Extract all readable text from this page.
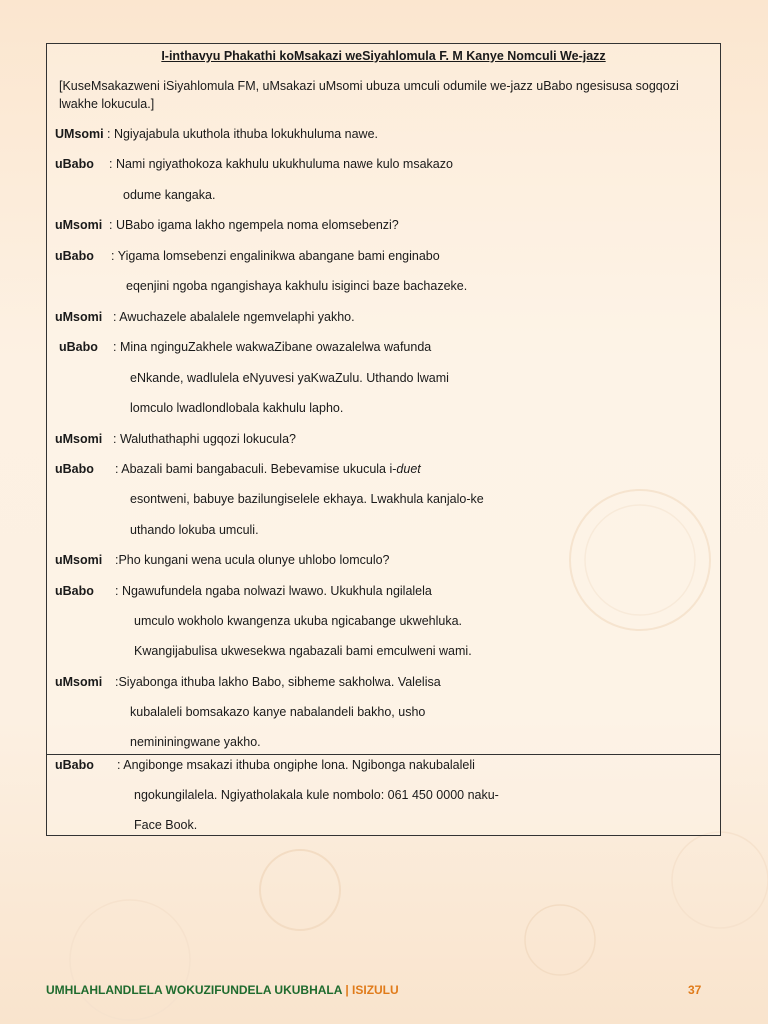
I-inthavyu Phakathi koMsakazi weSiyahlomula F. M Kanye Nomculi We-jazz
[KuseMsakazweni iSiyahlomula FM, uMsakazi uMsomi ubuza umculi odumile we-jazz uBabo ngesisusa sogqozi lwakhe lokucula.]
UMsomi : Ngiyajabula ukuthola ithuba lokukhuluma nawe.
uBabo : Nami ngiyathokoza kakhulu ukukhuluma nawe kulo msakazo
odume kangaka.
uMsomi : UBabo igama lakho ngempela noma elomsebenzi?
uBabo : Yigama lomsebenzi engalinikwa abangane bami enginabo
eqenjini ngoba ngangishaya kakhulu isiginci baze bachazeke.
uMsomi : Awuchazele abalalele ngemvelaphi yakho.
uBabo : Mina nginguZakhele wakwaZibane owazalelwa wafunda
eNkande, wadlulela eNyuvesi yaKwaZulu. Uthando lwami
lomculo lwadlondlobala kakhulu lapho.
uMsomi : Waluthathaphi ugqozi lokucula?
uBabo : Abazali bami bangabaculi. Bebevamise ukucula i-duet
esontweni, babuye bazilungiselele ekhaya. Lwakhula kanjalo-ke
uthando lokuba umculi.
uMsomi :Pho kungani wena ucula olunye uhlobo lomculo?
uBabo : Ngawufundela ngaba nolwazi lwawo. Ukukhula ngilalela
umculo wokholo kwangenza ukuba ngicabange ukwehluka.
Kwangijabulisa ukwesekwa ngabazali bami emculweni wami.
uMsomi :Siyabonga ithuba lakho Babo, sibheme sakholwa. Valelisa
kubalaleli bomsakazo kanye nabalandeli bakho, usho
nemininingwane yakho.
uBabo : Angibonge msakazi ithuba ongiphe lona. Ngibonga nakubalaleli
ngokungilalela. Ngiyatholakala kule nombolo: 061 450 0000 naku-
Face Book.
UMHLAHLANDLELA WOKUZIFUNDELA UKUBHALA | ISIZULU	37
